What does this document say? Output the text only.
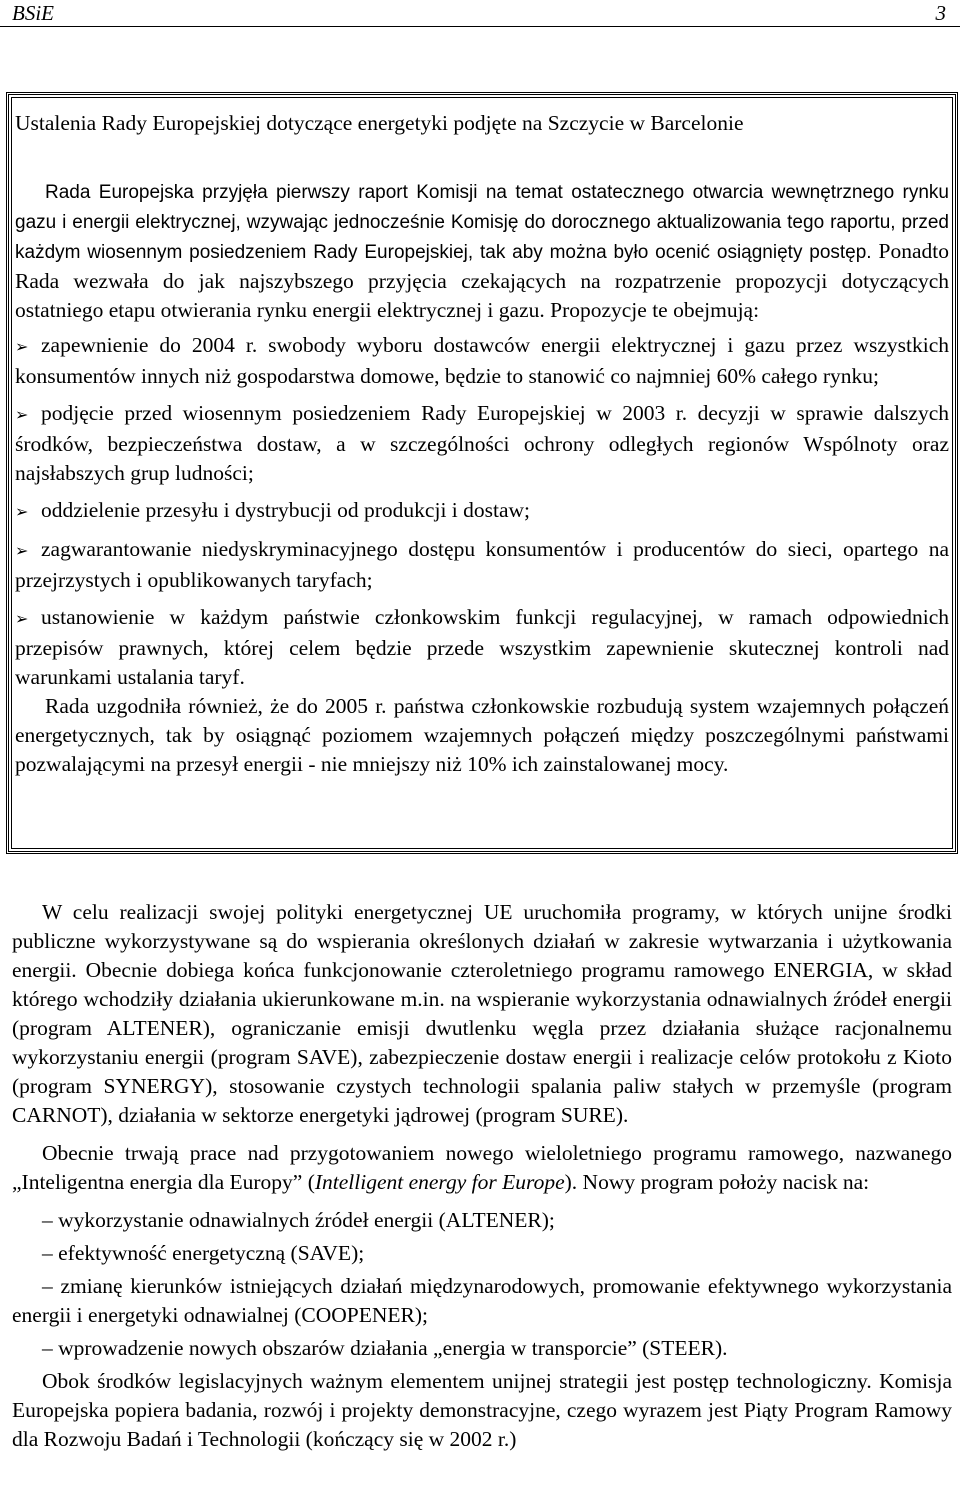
BSiE	3
Ustalenia Rady Europejskiej dotyczące energetyki podjęte na Szczycie w Barcelonie

Rada Europejska przyjęła pierwszy raport Komisji na temat ostatecznego otwarcia wewnętrznego rynku gazu i energii elektrycznej, wzywając jednocześnie Komisję do dorocznego aktualizowania tego raportu, przed każdym wiosennym posiedzeniem Rady Europejskiej, tak aby można było ocenić osiągnięty postęp. Ponadto Rada wezwała do jak najszybszego przyjęcia czekających na rozpatrzenie propozycji dotyczących ostatniego etapu otwierania rynku energii elektrycznej i gazu. Propozycje te obejmują:

➢ zapewnienie do 2004 r. swobody wyboru dostawców energii elektrycznej i gazu przez wszystkich konsumentów innych niż gospodarstwa domowe, będzie to stanowić co najmniej 60% całego rynku;
➢ podjęcie przed wiosennym posiedzeniem Rady Europejskiej w 2003 r. decyzji w sprawie dalszych środków, bezpieczeństwa dostaw, a w szczególności ochrony odległych regionów Wspólnoty oraz najsłabszych grup ludności;
➢ oddzielenie przesyłu i dystrybucji od produkcji i dostaw;
➢ zagwarantowanie niedyskryminacyjnego dostępu konsumentów i producentów do sieci, opartego na przejrzystych i opublikowanych taryfach;
➢ ustanowienie w każdym państwie członkowskim funkcji regulacyjnej, w ramach odpowiednich przepisów prawnych, której celem będzie przede wszystkim zapewnienie skutecznej kontroli nad warunkami ustalania taryf.

Rada uzgodniła również, że do 2005 r. państwa członkowskie rozbudują system wzajemnych połączeń energetycznych, tak by osiągnąć poziomem wzajemnych połączeń między poszczególnymi państwami pozwalającymi na przesył energii - nie mniejszy niż 10% ich zainstalowanej mocy.

W celu realizacji swojej polityki energetycznej UE uruchomiła programy, w których unijne środki publiczne wykorzystywane są do wspierania określonych działań w zakresie wytwarzania i użytkowania energii. Obecnie dobiega końca funkcjonowanie czteroletniego programu ramowego ENERGIA, w skład którego wchodziły działania ukierunkowane m.in. na wspieranie wykorzystania odnawialnych źródeł energii (program ALTENER), ograniczanie emisji dwutlenku węgla przez działania służące racjonalnemu wykorzystaniu energii (program SAVE), zabezpieczenie dostaw energii i realizacje celów protokołu z Kioto (program SYNERGY), stosowanie czystych technologii spalania paliw stałych w przemyśle (program CARNOT), działania w sektorze energetyki jądrowej (program SURE).

Obecnie trwają prace nad przygotowaniem nowego wieloletniego programu ramowego, nazwanego „Inteligentna energia dla Europy” (Intelligent energy for Europe). Nowy program położy nacisk na:

– wykorzystanie odnawialnych źródeł energii (ALTENER);

– efektywność energetyczną (SAVE);

– zmianę kierunków istniejących działań międzynarodowych, promowanie efektywnego wykorzystania energii i energetyki odnawialnej (COOPENER);

– wprowadzenie nowych obszarów działania „energia w transporcie” (STEER).

Obok środków legislacyjnych ważnym elementem unijnej strategii jest postęp technologiczny. Komisja Europejska popiera badania, rozwój i projekty demonstracyjne, czego wyrazem jest Piąty Program Ramowy dla Rozwoju Badań i Technologii (kończący się w 2002 r.)
